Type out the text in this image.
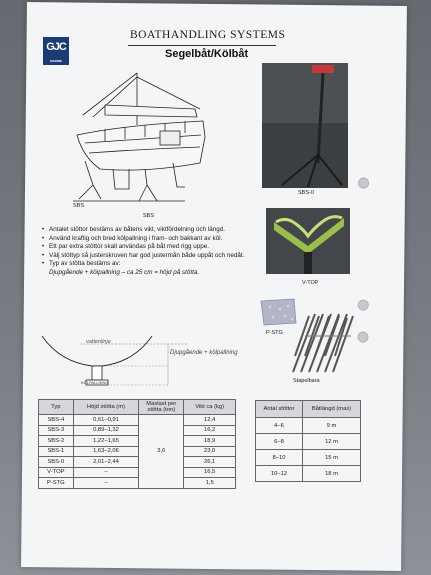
GJC
MARINE
BOATHANDLING SYSTEMS
Segelbåt/Kölbåt
SBS
SBS
SBS-0
V-TOP
P-STG
Stapelbara
• Antalet stöttor bestäms av båtens vikt, viktfördelning och längd.
• Använd kraftig och bred kölpallning i fram- och bakkant av köl.
• Ett par extra stöttor skall användas på båt med rigg uppe.
• Välj stöttyp så justerskruven har god justermån både uppåt och nedåt.
• Typ av stötta bestäms av:
Djupgående + kölpallning – ca 25 cm = höjd på stötta.
vattenlinje
KÖLPALLNING
Djupgående + kölpallning
Typ	Höjd stötta (m)	Maxlast per stötta (ton)	Vikt ca (kg)
SBS-4	0,61–0,91	3,6	12,4
SBS-3	0,89–1,32		16,2
SBS-2	1,22–1,65		18,9
SBS-1	1,63–2,06		23,0
SBS-0	2,01–2,44		26,1
V-TOP	–		16,5
P-STG	–		1,5
Antal stöttor	Båtlängd (max)
4–6	9 m
6–8	12 m
8–10	15 m
10–12	18 m
